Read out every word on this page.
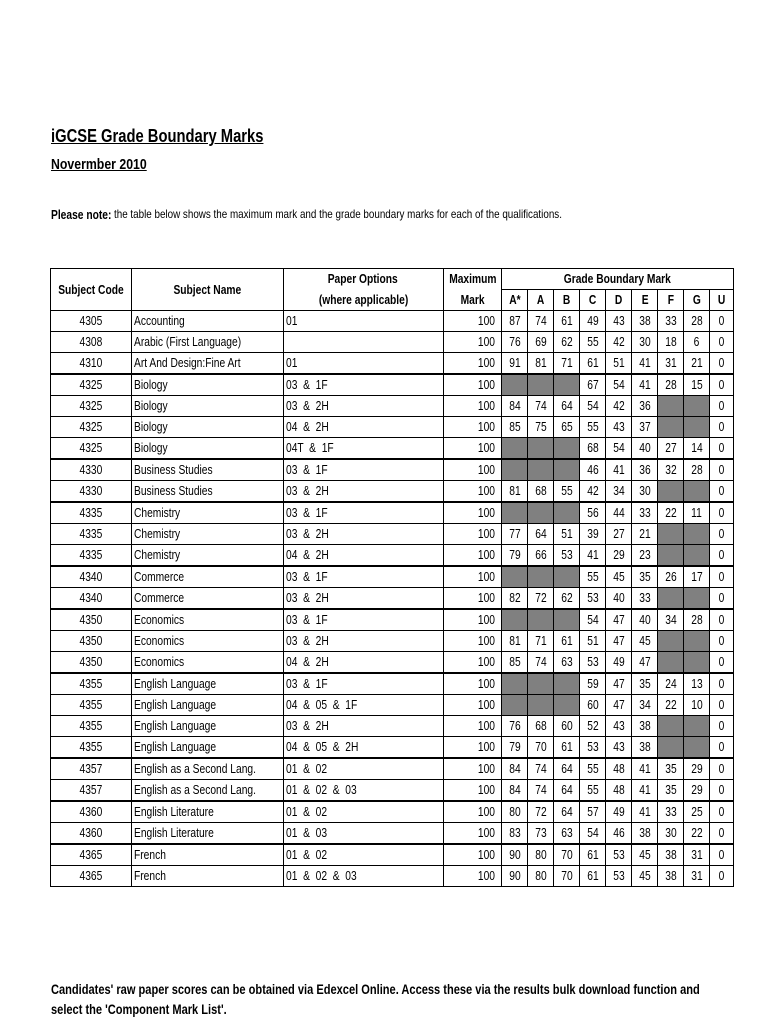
iGCSE Grade Boundary Marks
Novermber 2010
Please note: the table below shows the maximum mark and the grade boundary marks for each of the qualifications.
Subject Code	Subject Name	Paper Options	Maximum	Grade Boundary Mark								
		(where applicable)	Mark	A*	A	B	C	D	E	F	G	U
4305	Accounting	01	100	87	74	61	49	43	38	33	28	0
4308	Arabic (First Language)		100	76	69	62	55	42	30	18	6	0
4310	Art And Design:Fine Art	01	100	91	81	71	61	51	41	31	21	0
4325	Biology	03  &  1F	100				67	54	41	28	15	0
4325	Biology	03  &  2H	100	84	74	64	54	42	36			0
4325	Biology	04  &  2H	100	85	75	65	55	43	37			0
4325	Biology	04T  &  1F	100				68	54	40	27	14	0
4330	Business Studies	03  &  1F	100				46	41	36	32	28	0
4330	Business Studies	03  &  2H	100	81	68	55	42	34	30			0
4335	Chemistry	03  &  1F	100				56	44	33	22	11	0
4335	Chemistry	03  &  2H	100	77	64	51	39	27	21			0
4335	Chemistry	04  &  2H	100	79	66	53	41	29	23			0
4340	Commerce	03  &  1F	100				55	45	35	26	17	0
4340	Commerce	03  &  2H	100	82	72	62	53	40	33			0
4350	Economics	03  &  1F	100				54	47	40	34	28	0
4350	Economics	03  &  2H	100	81	71	61	51	47	45			0
4350	Economics	04  &  2H	100	85	74	63	53	49	47			0
4355	English Language	03  &  1F	100				59	47	35	24	13	0
4355	English Language	04  &  05  &  1F	100				60	47	34	22	10	0
4355	English Language	03  &  2H	100	76	68	60	52	43	38			0
4355	English Language	04  &  05  &  2H	100	79	70	61	53	43	38			0
4357	English as a Second Lang.	01  &  02	100	84	74	64	55	48	41	35	29	0
4357	English as a Second Lang.	01  &  02  &  03	100	84	74	64	55	48	41	35	29	0
4360	English Literature	01  &  02	100	80	72	64	57	49	41	33	25	0
4360	English Literature	01  &  03	100	83	73	63	54	46	38	30	22	0
4365	French	01  &  02	100	90	80	70	61	53	45	38	31	0
4365	French	01  &  02  &  03	100	90	80	70	61	53	45	38	31	0
Candidates' raw paper scores can be obtained via Edexcel Online. Access these via the results bulk download function and select the 'Component Mark List'.
